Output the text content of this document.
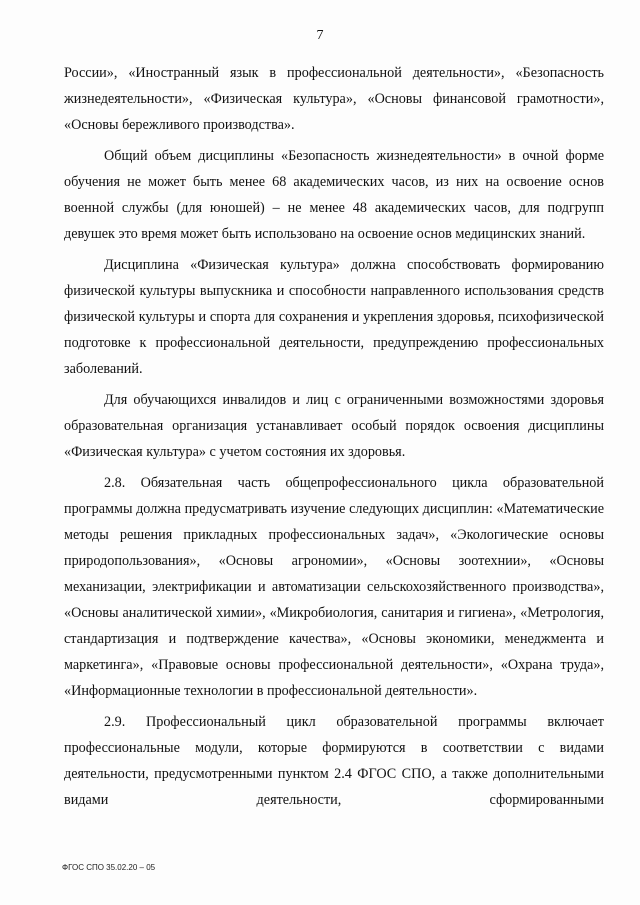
7

России», «Иностранный язык в профессиональной деятельности», «Безопасность жизнедеятельности», «Физическая культура», «Основы финансовой грамотности», «Основы бережливого производства».

Общий объем дисциплины «Безопасность жизнедеятельности» в очной форме обучения не может быть менее 68 академических часов, из них на освоение основ военной службы (для юношей) – не менее 48 академических часов, для подгрупп девушек это время может быть использовано на освоение основ медицинских знаний.

Дисциплина «Физическая культура» должна способствовать формированию физической культуры выпускника и способности направленного использования средств физической культуры и спорта для сохранения и укрепления здоровья, психофизической подготовке к профессиональной деятельности, предупреждению профессиональных заболеваний.

Для обучающихся инвалидов и лиц с ограниченными возможностями здоровья образовательная организация устанавливает особый порядок освоения дисциплины «Физическая культура» с учетом состояния их здоровья.

2.8. Обязательная часть общепрофессионального цикла образовательной программы должна предусматривать изучение следующих дисциплин: «Математические методы решения прикладных профессиональных задач», «Экологические основы природопользования», «Основы агрономии», «Основы зоотехнии», «Основы механизации, электрификации и автоматизации сельскохозяйственного производства», «Основы аналитической химии», «Микробиология, санитария и гигиена», «Метрология, стандартизация и подтверждение качества», «Основы экономики, менеджмента и маркетинга», «Правовые основы профессиональной деятельности», «Охрана труда», «Информационные технологии в профессиональной деятельности».

2.9. Профессиональный цикл образовательной программы включает профессиональные модули, которые формируются в соответствии с видами деятельности, предусмотренными пунктом 2.4 ФГОС СПО, а также дополнительными видами деятельности, сформированными

ФГОС СПО 35.02.20 – 05
